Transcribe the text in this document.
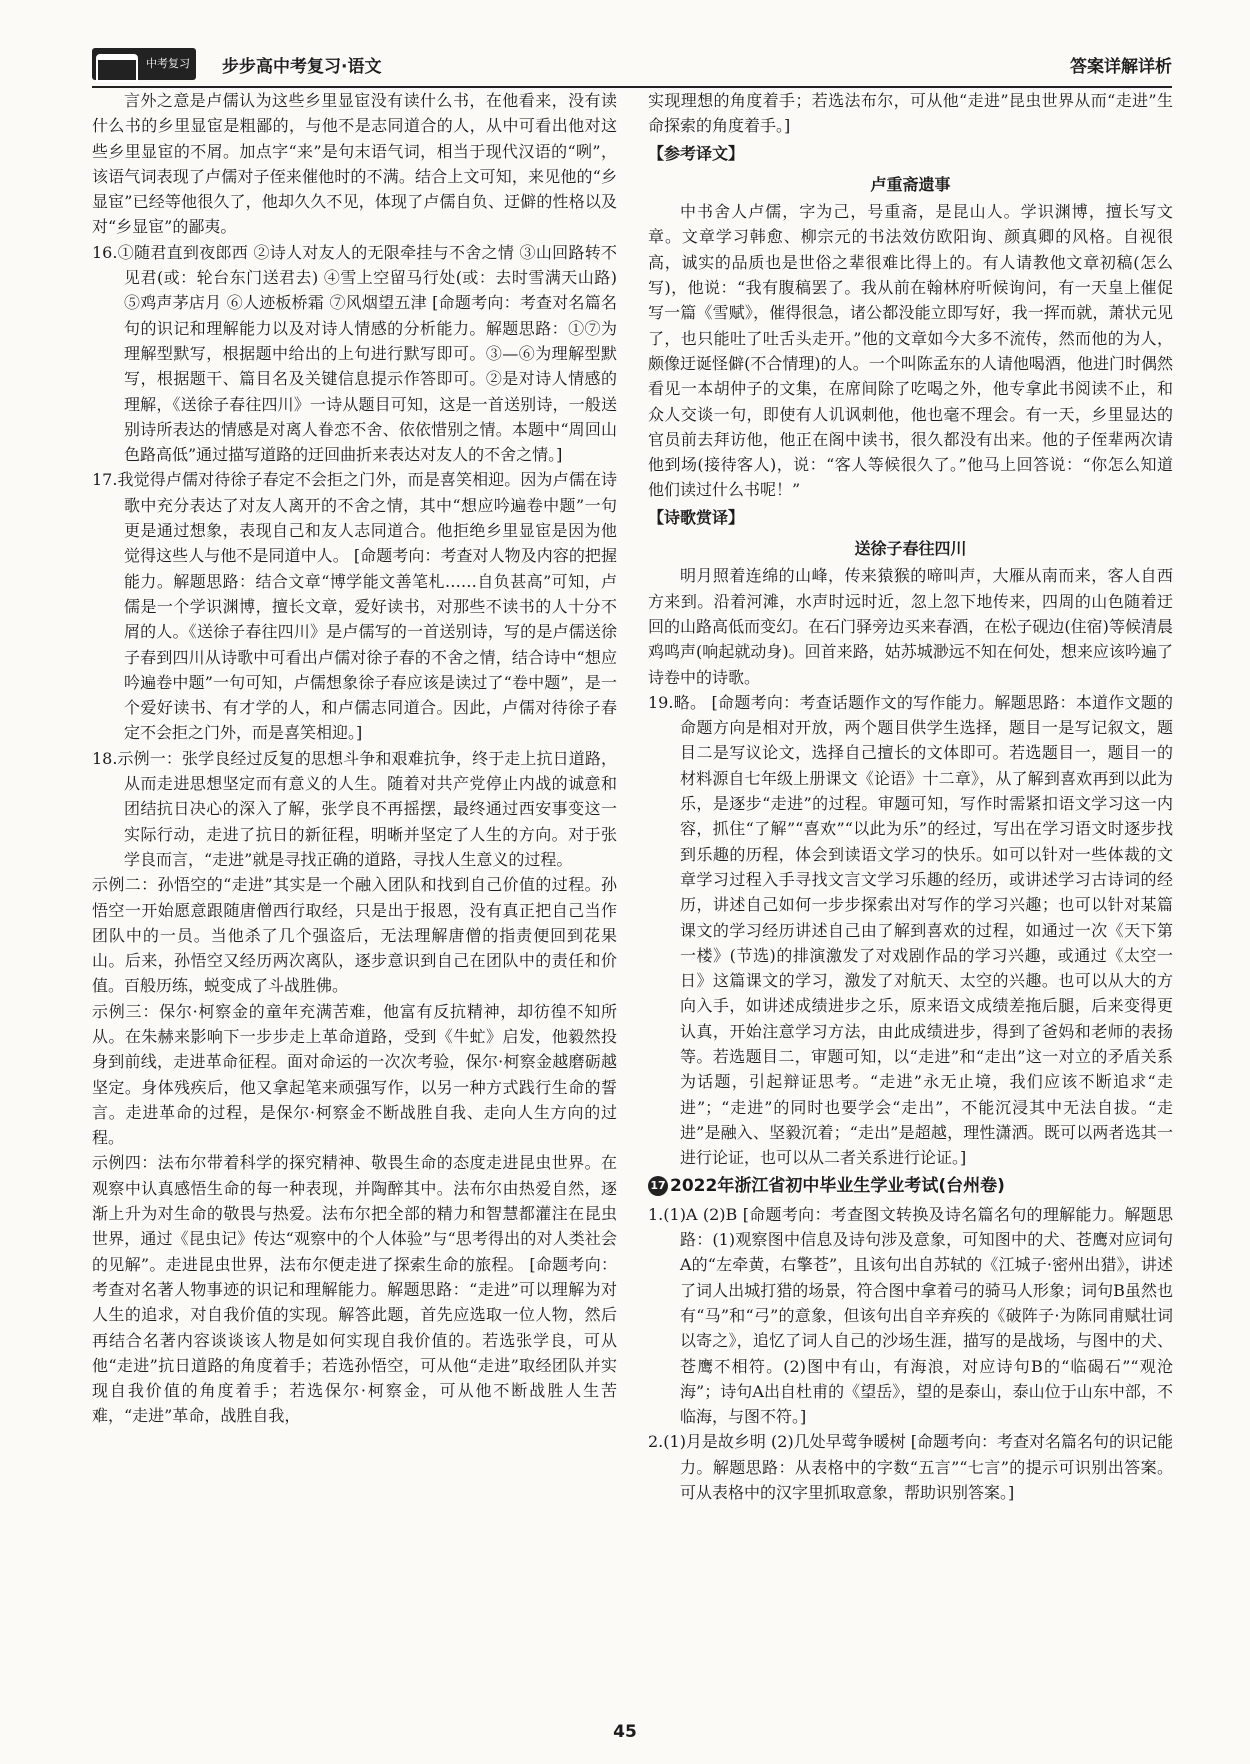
中考复习	步步高中考复习·语文	答案详解详析

言外之意是卢儒认为这些乡里显宦没有读什么书，在他看来，没有读什么书的乡里显宦是粗鄙的，与他不是志同道合的人，从中可看出他对这些乡里显宦的不屑。加点字“来”是句末语气词，相当于现代汉语的“咧”，该语气词表现了卢儒对子侄来催他时的不满。结合上文可知，来见他的“乡显宦”已经等他很久了，他却久久不见，体现了卢儒自负、迂僻的性格以及对“乡显宦”的鄙夷。

16.①随君直到夜郎西 ②诗人对友人的无限牵挂与不舍之情 ③山回路转不见君(或：轮台东门送君去) ④雪上空留马行处(或：去时雪满天山路) ⑤鸡声茅店月 ⑥人迹板桥霜 ⑦风烟望五津 [命题考向：考查对名篇名句的识记和理解能力以及对诗人情感的分析能力。解题思路：①⑦为理解型默写，根据题中给出的上句进行默写即可。③—⑥为理解型默写，根据题干、篇目名及关键信息提示作答即可。②是对诗人情感的理解，《送徐子春往四川》一诗从题目可知，这是一首送别诗，一般送别诗所表达的情感是对离人眷恋不舍、依依惜别之情。本题中“周回山色路高低”通过描写道路的迂回曲折来表达对友人的不舍之情。]

17.我觉得卢儒对待徐子春定不会拒之门外，而是喜笑相迎。因为卢儒在诗歌中充分表达了对友人离开的不舍之情，其中“想应吟遍卷中题”一句更是通过想象，表现自己和友人志同道合。他拒绝乡里显宦是因为他觉得这些人与他不是同道中人。 [命题考向：考查对人物及内容的把握能力。解题思路：结合文章“博学能文善笔札……自负甚高”可知，卢儒是一个学识渊博，擅长文章，爱好读书，对那些不读书的人十分不屑的人。《送徐子春往四川》是卢儒写的一首送别诗，写的是卢儒送徐子春到四川从诗歌中可看出卢儒对徐子春的不舍之情，结合诗中“想应吟遍卷中题”一句可知，卢儒想象徐子春应该是读过了“卷中题”，是一个爱好读书、有才学的人，和卢儒志同道合。因此，卢儒对待徐子春定不会拒之门外，而是喜笑相迎。]

18.示例一：张学良经过反复的思想斗争和艰难抗争，终于走上抗日道路，从而走进思想坚定而有意义的人生。随着对共产党停止内战的诚意和团结抗日决心的深入了解，张学良不再摇摆，最终通过西安事变这一实际行动，走进了抗日的新征程，明晰并坚定了人生的方向。对于张学良而言，“走进”就是寻找正确的道路，寻找人生意义的过程。

示例二：孙悟空的“走进”其实是一个融入团队和找到自己价值的过程。孙悟空一开始愿意跟随唐僧西行取经，只是出于报恩，没有真正把自己当作团队中的一员。当他杀了几个强盗后，无法理解唐僧的指责便回到花果山。后来，孙悟空又经历两次离队，逐步意识到自己在团队中的责任和价值。百般历练，蜕变成了斗战胜佛。

示例三：保尔·柯察金的童年充满苦难，他富有反抗精神，却彷徨不知所从。在朱赫来影响下一步步走上革命道路，受到《牛虻》启发，他毅然投身到前线，走进革命征程。面对命运的一次次考验，保尔·柯察金越磨砺越坚定。身体残疾后，他又拿起笔来顽强写作，以另一种方式践行生命的誓言。走进革命的过程，是保尔·柯察金不断战胜自我、走向人生方向的过程。

示例四：法布尔带着科学的探究精神、敬畏生命的态度走进昆虫世界。在观察中认真感悟生命的每一种表现，并陶醉其中。法布尔由热爱自然，逐渐上升为对生命的敬畏与热爱。法布尔把全部的精力和智慧都灌注在昆虫世界，通过《昆虫记》传达“观察中的个人体验”与“思考得出的对人类社会的见解”。走进昆虫世界，法布尔便走进了探索生命的旅程。 [命题考向：考查对名著人物事迹的识记和理解能力。解题思路：“走进”可以理解为对人生的追求，对自我价值的实现。解答此题，首先应选取一位人物，然后再结合名著内容谈谈该人物是如何实现自我价值的。若选张学良，可从他“走进”抗日道路的角度着手；若选孙悟空，可从他“走进”取经团队并实现自我价值的角度着手；若选保尔·柯察金，可从他不断战胜人生苦难，“走进”革命，战胜自我，

实现理想的角度着手；若选法布尔，可从他“走进”昆虫世界从而“走进”生命探索的角度着手。]

【参考译文】
卢重斋遗事

中书舍人卢儒，字为己，号重斋，是昆山人。学识渊博，擅长写文章。文章学习韩愈、柳宗元的书法效仿欧阳询、颜真卿的风格。自视很高，诚实的品质也是世俗之辈很难比得上的。有人请教他文章初稿(怎么写)，他说：“我有腹稿罢了。我从前在翰林府听候询问，有一天皇上催促写一篇《雪赋》，催得很急，诸公都没能立即写好，我一挥而就，萧状元见了，也只能吐了吐舌头走开。”他的文章如今大多不流传，然而他的为人，颇像迂诞怪僻(不合情理)的人。一个叫陈孟东的人请他喝酒，他进门时偶然看见一本胡仲子的文集，在席间除了吃喝之外，他专拿此书阅读不止，和众人交谈一句，即使有人讥讽刺他，他也毫不理会。有一天，乡里显达的官员前去拜访他，他正在阁中读书，很久都没有出来。他的子侄辈两次请他到场(接待客人)，说：“客人等候很久了。”他马上回答说：“你怎么知道他们读过什么书呢！”

【诗歌赏译】
送徐子春往四川

明月照着连绵的山峰，传来猿猴的啼叫声，大雁从南而来，客人自西方来到。沿着河滩，水声时远时近，忽上忽下地传来，四周的山色随着迂回的山路高低而变幻。在石门驿旁边买来春酒，在松子砚边(住宿)等候清晨鸡鸣声(响起就动身)。回首来路，姑苏城渺远不知在何处，想来应该吟遍了诗卷中的诗歌。

19.略。 [命题考向：考查话题作文的写作能力。解题思路：本道作文题的命题方向是相对开放，两个题目供学生选择，题目一是写记叙文，题目二是写议论文，选择自己擅长的文体即可。若选题目一，题目一的材料源自七年级上册课文《论语》十二章》，从了解到喜欢再到以此为乐，是逐步“走进”的过程。审题可知，写作时需紧扣语文学习这一内容，抓住“了解”“喜欢”“以此为乐”的经过，写出在学习语文时逐步找到乐趣的历程，体会到读语文学习的快乐。如可以针对一些体裁的文章学习过程入手寻找文言文学习乐趣的经历，或讲述学习古诗词的经历，讲述自己如何一步步探索出对写作的学习兴趣；也可以针对某篇课文的学习经历讲述自己由了解到喜欢的过程，如通过一次《天下第一楼》(节选)的排演激发了对戏剧作品的学习兴趣，或通过《太空一日》这篇课文的学习，激发了对航天、太空的兴趣。也可以从大的方向入手，如讲述成绩进步之乐，原来语文成绩差拖后腿，后来变得更认真，开始注意学习方法，由此成绩进步，得到了爸妈和老师的表扬等。若选题目二，审题可知，以“走进”和“走出”这一对立的矛盾关系为话题，引起辩证思考。“走进”永无止境，我们应该不断追求“走进”；“走进”的同时也要学会“走出”，不能沉浸其中无法自拔。“走进”是融入、坚毅沉着；“走出”是超越，理性潇洒。既可以两者选其一进行论证，也可以从二者关系进行论证。]

17 2022年浙江省初中毕业生学业考试(台州卷)

1.(1)A (2)B [命题考向：考查图文转换及诗名篇名句的理解能力。解题思路：(1)观察图中信息及诗句涉及意象，可知图中的犬、苍鹰对应词句A的“左牵黄，右擎苍”，且该句出自苏轼的《江城子·密州出猎》，讲述了词人出城打猎的场景，符合图中拿着弓的骑马人形象；词句B虽然也有“马”和“弓”的意象，但该句出自辛弃疾的《破阵子·为陈同甫赋壮词以寄之》，追忆了词人自己的沙场生涯，描写的是战场，与图中的犬、苍鹰不相符。(2)图中有山，有海浪，对应诗句B的“临碣石”“观沧海”；诗句A出自杜甫的《望岳》，望的是泰山，泰山位于山东中部，不临海，与图不符。]

2.(1)月是故乡明 (2)几处早莺争暖树 [命题考向：考查对名篇名句的识记能力。解题思路：从表格中的字数“五言”“七言”的提示可识别出答案。可从表格中的汉字里抓取意象，帮助识别答案。]

45
